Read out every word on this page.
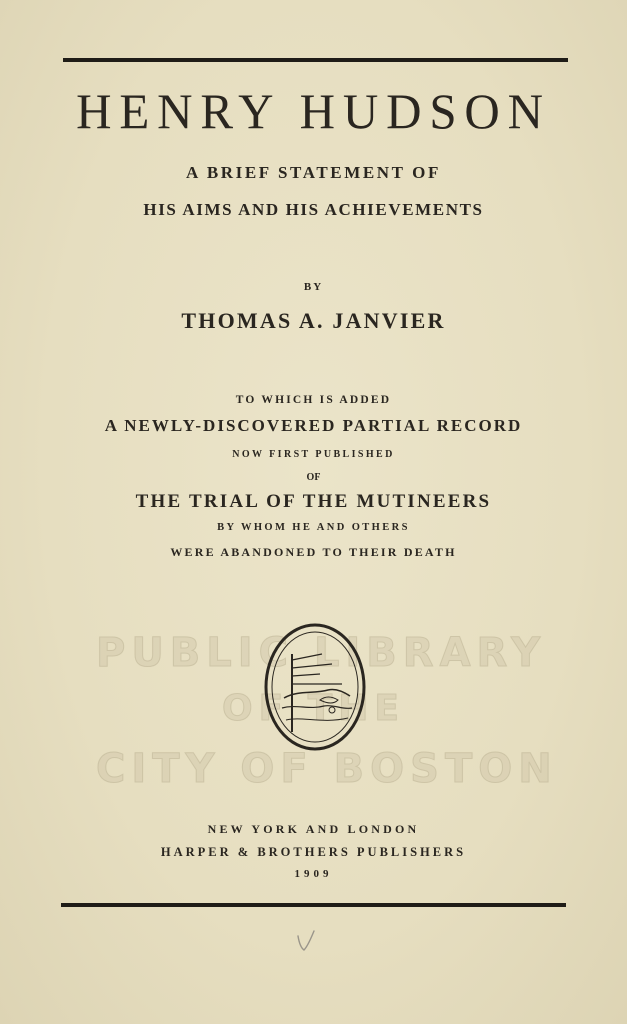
HENRY HUDSON
A BRIEF STATEMENT OF
HIS AIMS AND HIS ACHIEVEMENTS
BY
THOMAS A. JANVIER
TO WHICH IS ADDED
A NEWLY-DISCOVERED PARTIAL RECORD
NOW FIRST PUBLISHED
OF
THE TRIAL OF THE MUTINEERS
BY WHOM HE AND OTHERS
WERE ABANDONED TO THEIR DEATH
PUBLIC LIBRARY
OF THE
CITY OF BOSTON
NEW YORK AND LONDON
HARPER & BROTHERS PUBLISHERS
1909
